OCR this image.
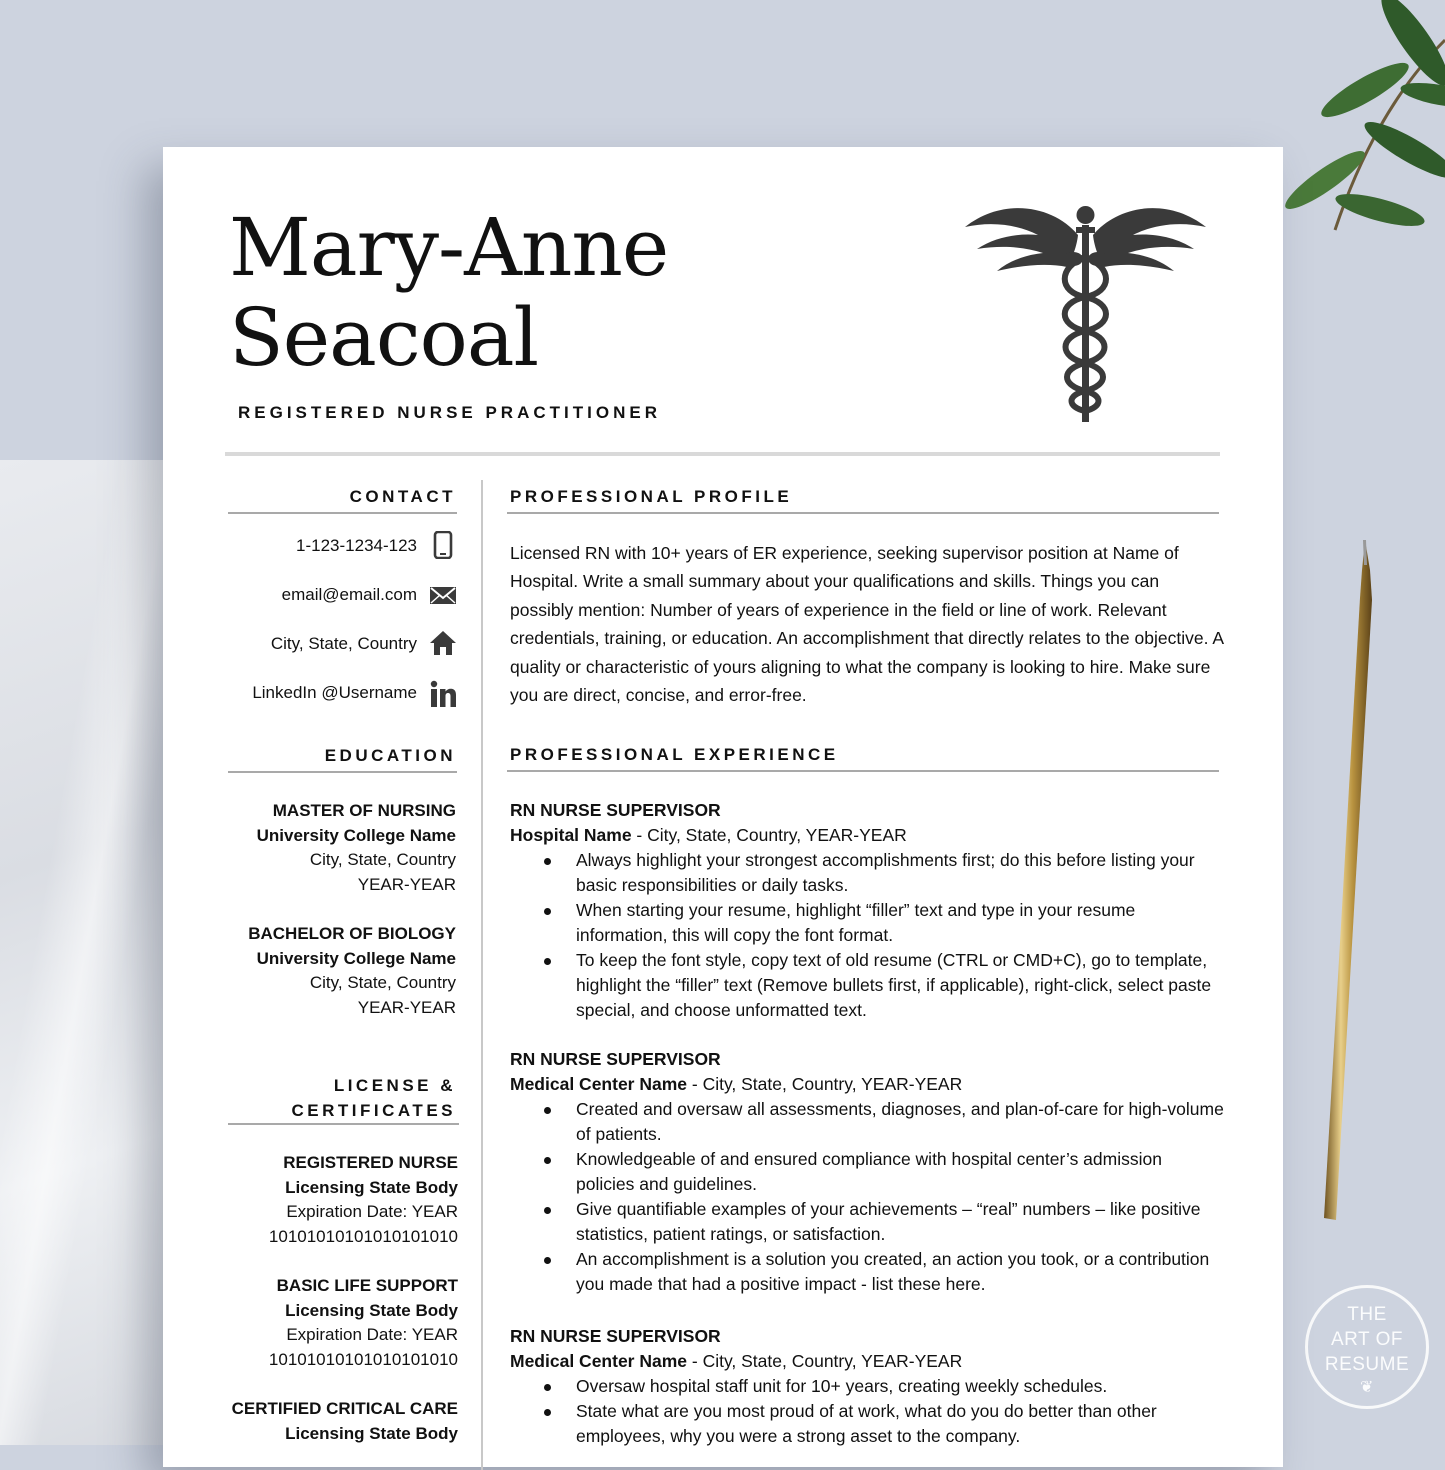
THE
ART OF
RESUME
❦
Mary-Anne
Seacoal
REGISTERED NURSE PRACTITIONER
CONTACT
1-123-1234-123
email@email.com
City, State, Country
LinkedIn @Username
EDUCATION
MASTER OF NURSING
University College Name
City, State, Country
YEAR-YEAR
BACHELOR OF BIOLOGY
University College Name
City, State, Country
YEAR-YEAR
LICENSE &
CERTIFICATES
REGISTERED NURSE
Licensing State Body
Expiration Date: YEAR
10101010101010101010
BASIC LIFE SUPPORT
Licensing State Body
Expiration Date: YEAR
10101010101010101010
CERTIFIED CRITICAL CARE
Licensing State Body
PROFESSIONAL PROFILE

Licensed RN with 10+ years of ER experience, seeking supervisor position at Name of Hospital. Write a small summary about your qualifications and skills. Things you can possibly mention: Number of years of experience in the field or line of work. Relevant credentials, training, or education. An accomplishment that directly relates to the objective. A quality or characteristic of yours aligning to what the company is looking to hire. Make sure you are direct, concise, and error-free.

PROFESSIONAL EXPERIENCE
RN NURSE SUPERVISOR
Hospital Name - City, State, Country, YEAR-YEAR
Always highlight your strongest accomplishments first; do this before listing your basic responsibilities or daily tasks.
When starting your resume, highlight “filler” text and type in your resume information, this will copy the font format.
To keep the font style, copy text of old resume (CTRL or CMD+C), go to template, highlight the “filler” text (Remove bullets first, if applicable), right-click, select paste special, and choose unformatted text.
RN NURSE SUPERVISOR
Medical Center Name - City, State, Country, YEAR-YEAR
Created and oversaw all assessments, diagnoses, and plan-of-care for high-volume of patients.
Knowledgeable of and ensured compliance with hospital center’s admission policies and guidelines.
Give quantifiable examples of your achievements – “real” numbers – like positive statistics, patient ratings, or satisfaction.
An accomplishment is a solution you created, an action you took, or a contribution you made that had a positive impact - list these here.
RN NURSE SUPERVISOR
Medical Center Name - City, State, Country, YEAR-YEAR
Oversaw hospital staff unit for 10+ years, creating weekly schedules.
State what are you most proud of at work, what do you do better than other employees, why you were a strong asset to the company.
